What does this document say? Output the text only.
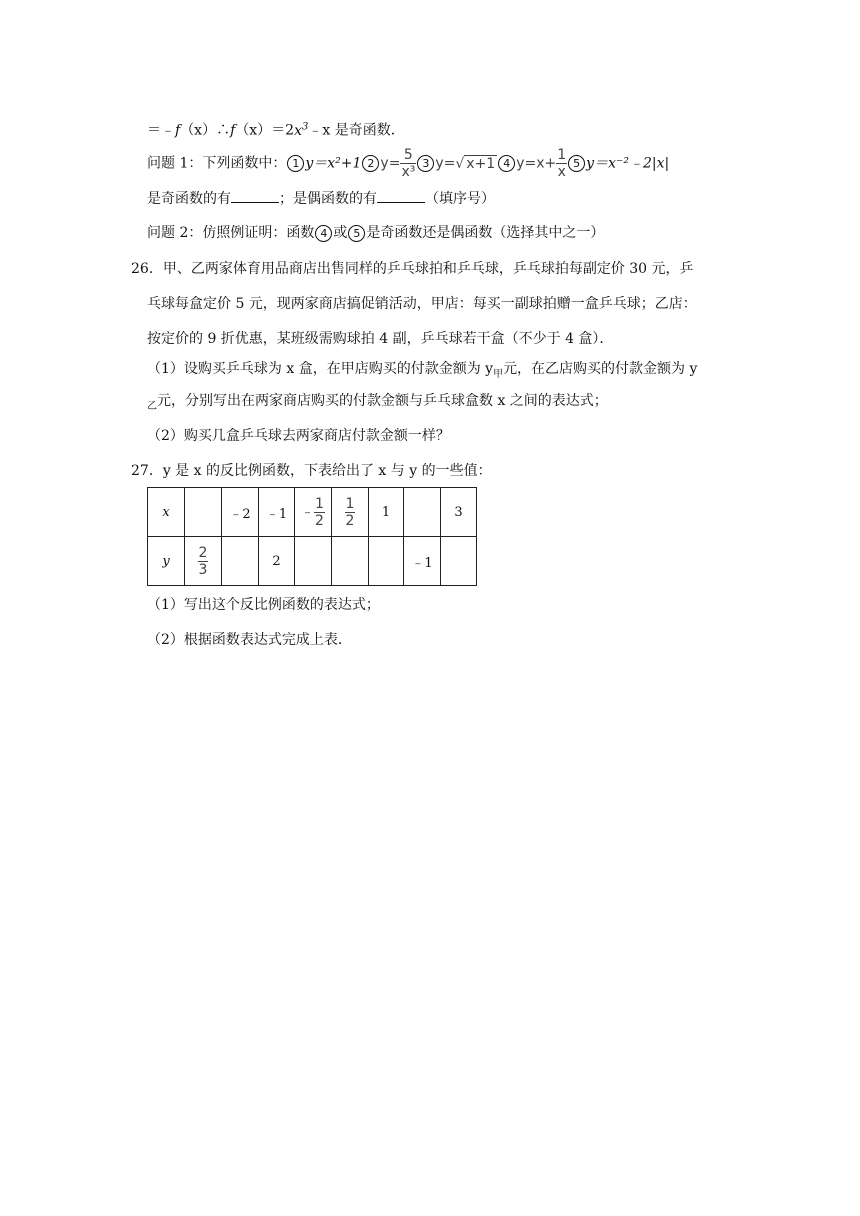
$=﹣f(x)\therefore f(x)=2x^3﹣x$ 是奇函数．
问题 1：下列函数中： 1 y＝x²+1 2 $y= \frac{5}{\text{x³}} 3$ y=√ x+1 4 $y=x+ \frac{1}{x} 5$ y＝x⁻²﹣2|x|
是奇函数的有	；是偶函数的有	（填序号）
问题 2：仿照例证明：函数 4 或 5 是奇函数还是偶函数（选择其中之一）
26．甲、乙两家体育用品商店出售同样的乒乓球拍和乒乓球，乒乓球拍每副定价 30 元，乒
乓球每盒定价 5 元，现两家商店搞促销活动，甲店：每买一副球拍赠一盒乒乓球；乙店：
按定价的 9 折优惠，某班级需购球拍 4 副，乒乓球若干盒（不少于 4 盒）．
（1）设购买乒乓球为 x 盒，在甲店购买的付款金额为 $y_甲$元，在乙店购买的付款金额为 y
$_乙$元，分别写出在两家商店购买的付款金额与乒乓球盒数 x 之间的表达式；
（2）购买几盒乒乓球去两家商店付款金额一样？
27．y 是 x 的反比例函数，下表给出了 x 与 y 的一些值：
x		﹣2	﹣1	﹣ $\frac{1}{2}$	$\frac{1}{2}$	1		3
y	$\frac{2}{3}$		2				﹣1	
（1）写出这个反比例函数的表达式；
（2）根据函数表达式完成上表．
